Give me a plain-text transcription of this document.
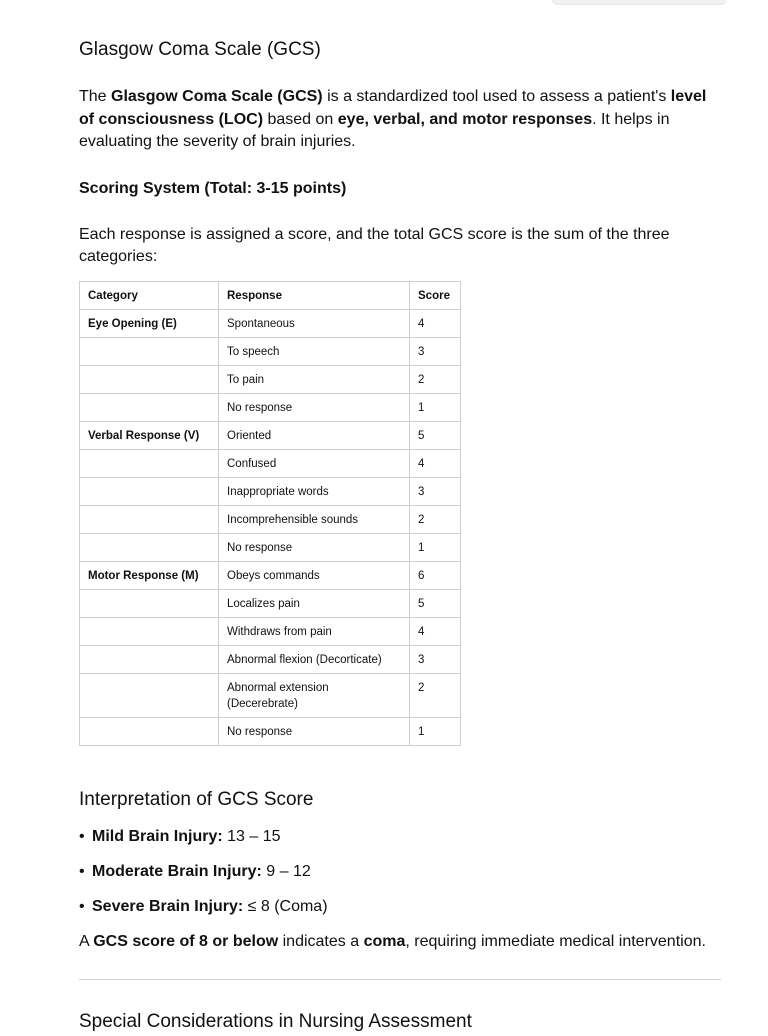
Glasgow Coma Scale (GCS)

The Glasgow Coma Scale (GCS) is a standardized tool used to assess a patient's level of consciousness (LOC) based on eye, verbal, and motor responses. It helps in evaluating the severity of brain injuries.

Scoring System (Total: 3-15 points)

Each response is assigned a score, and the total GCS score is the sum of the three categories:

Category	Response	Score
Eye Opening (E)	Spontaneous	4
	To speech	3
	To pain	2
	No response	1
Verbal Response (V)	Oriented	5
	Confused	4
	Inappropriate words	3
	Incomprehensible sounds	2
	No response	1
Motor Response (M)	Obeys commands	6
	Localizes pain	5
	Withdraws from pain	4
	Abnormal flexion (Decorticate)	3
	Abnormal extension (Decerebrate)	2
	No response	1
Interpretation of GCS Score
• Mild Brain Injury: 13 – 15
• Moderate Brain Injury: 9 – 12
• Severe Brain Injury: ≤ 8 (Coma)

A GCS score of 8 or below indicates a coma, requiring immediate medical intervention.

Special Considerations in Nursing Assessment
